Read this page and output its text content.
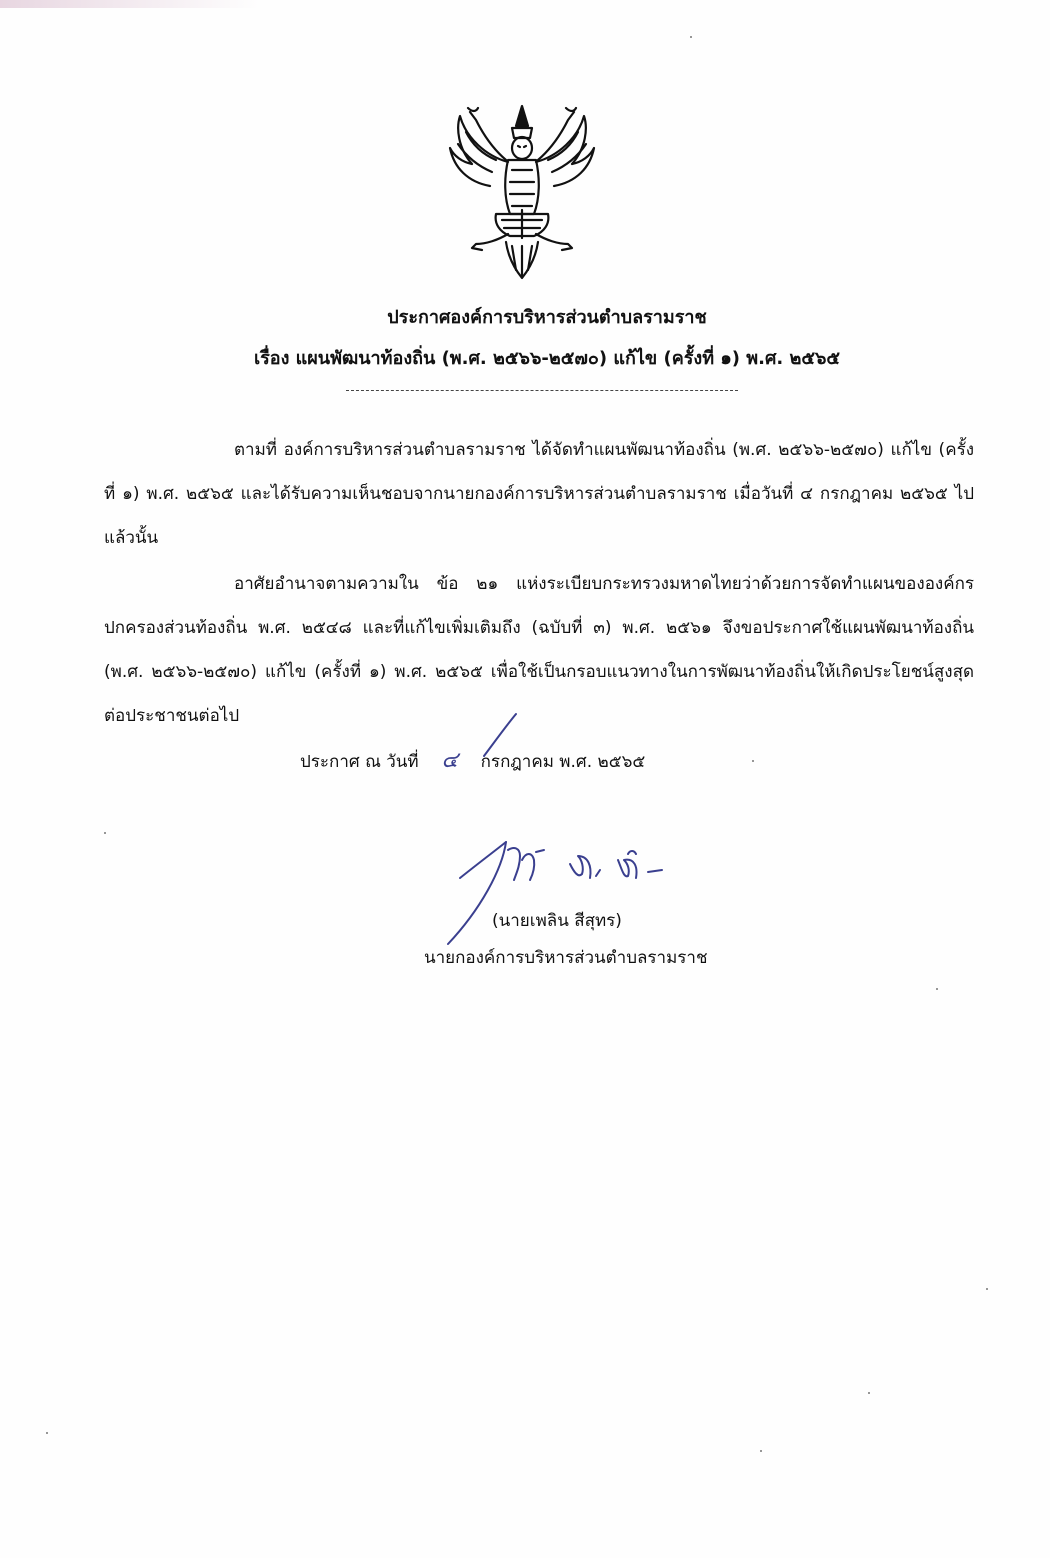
ประกาศองค์การบริหารส่วนตำบลรามราช
เรื่อง แผนพัฒนาท้องถิ่น (พ.ศ. ๒๕๖๖-๒๕๗๐) แก้ไข (ครั้งที่ ๑) พ.ศ. ๒๕๖๕
ตามที่ องค์การบริหารส่วนตำบลรามราช ได้จัดทำแผนพัฒนาท้องถิ่น (พ.ศ. ๒๕๖๖-๒๕๗๐) แก้ไข (ครั้งที่ ๑) พ.ศ. ๒๕๖๕ และได้รับความเห็นชอบจากนายกองค์การบริหารส่วนตำบลรามราช เมื่อวันที่ ๔ กรกฎาคม ๒๕๖๕ ไปแล้วนั้น
อาศัยอำนาจตามความใน ข้อ ๒๑ แห่งระเบียบกระทรวงมหาดไทยว่าด้วยการจัดทำแผนขององค์กรปกครองส่วนท้องถิ่น พ.ศ. ๒๕๔๘ และที่แก้ไขเพิ่มเติมถึง (ฉบับที่ ๓) พ.ศ. ๒๕๖๑ จึงขอประกาศใช้แผนพัฒนาท้องถิ่น (พ.ศ. ๒๕๖๖-๒๕๗๐) แก้ไข (ครั้งที่ ๑) พ.ศ. ๒๕๖๕ เพื่อใช้เป็นกรอบแนวทางในการพัฒนาท้องถิ่นให้เกิดประโยชน์สูงสุดต่อประชาชนต่อไป
ประกาศ ณ วันที่	๔	กรกฎาคม พ.ศ. ๒๕๖๕
(นายเพลิน สีสุทร)
นายกองค์การบริหารส่วนตำบลรามราช
